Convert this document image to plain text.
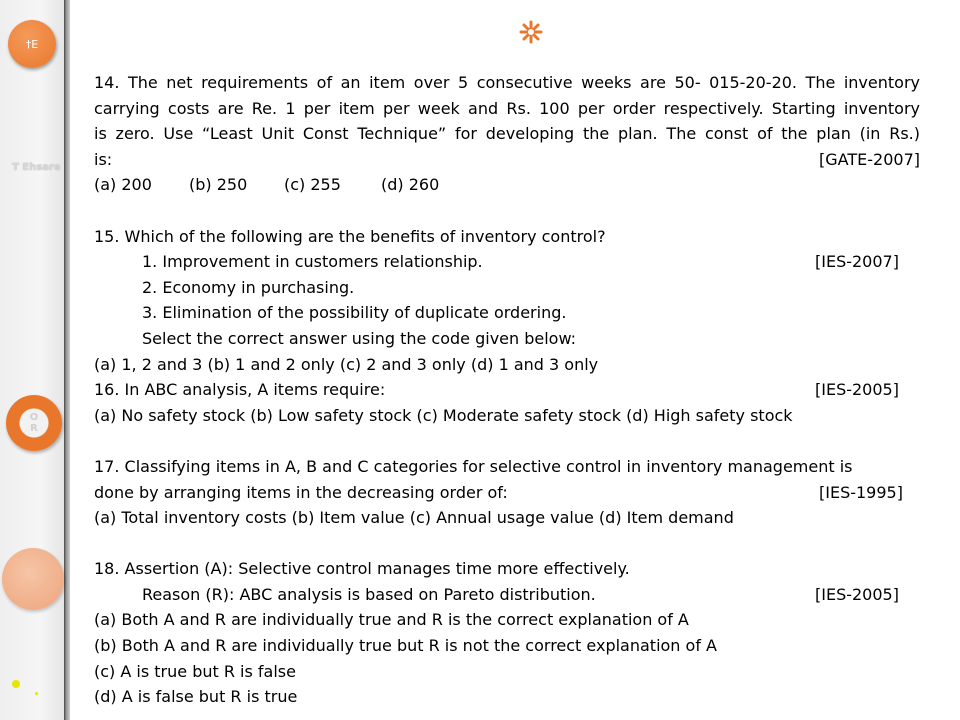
†E
T Ehsare
O
R
14. The net requirements of an item over 5 consecutive weeks are 50- 015-20-20. The inventory
carrying costs are Re. 1 per item per week and Rs. 100 per order respectively. Starting inventory
is zero. Use “Least Unit Const Technique” for developing the plan. The const of the plan (in Rs.)
is:	[GATE-2007]
(a) 200 (b) 250 (c) 255	(d) 260
15. Which of the following are the benefits of inventory control?
1. Improvement in customers relationship.	[IES-2007]
2. Economy in purchasing.
3. Elimination of the possibility of duplicate ordering.
Select the correct answer using the code given below:
(a) 1, 2 and 3 (b) 1 and 2 only (c) 2 and 3 only (d) 1 and 3 only
16. In ABC analysis, A items require:	[IES-2005]
(a) No safety stock (b) Low safety stock (c) Moderate safety stock (d) High safety stock
17. Classifying items in A, B and C categories for selective control in inventory management is
done by arranging items in the decreasing order of:	[IES-1995]
(a) Total inventory costs (b) Item value (c) Annual usage value (d) Item demand
18. Assertion (A): Selective control manages time more effectively.
Reason (R): ABC analysis is based on Pareto distribution.	[IES-2005]
(a) Both A and R are individually true and R is the correct explanation of A
(b) Both A and R are individually true but R is not the correct explanation of A
(c) A is true but R is false
(d) A is false but R is true
